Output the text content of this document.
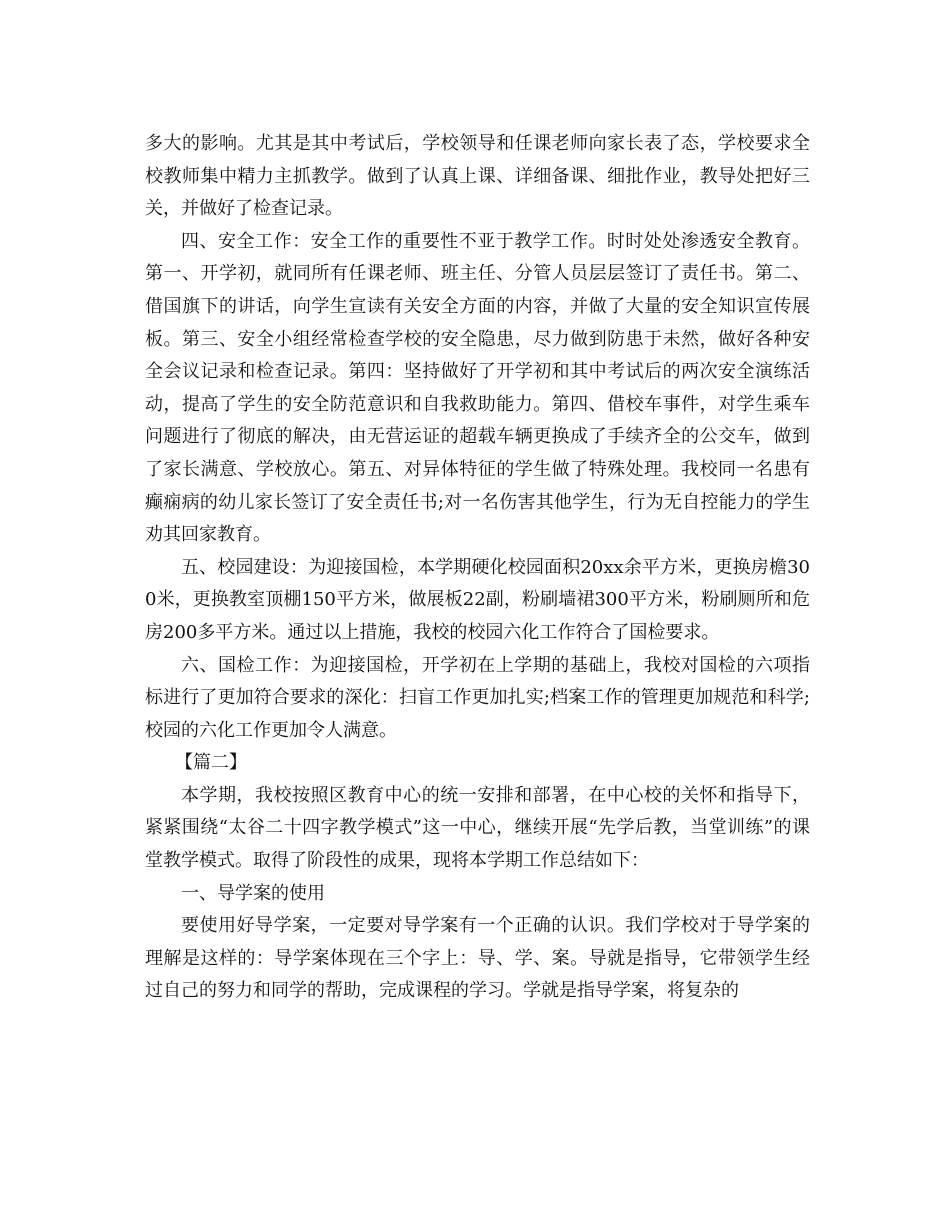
多大的影响。尤其是其中考试后，学校领导和任课老师向家长表了态，学校要求全校教师集中精力主抓教学。做到了认真上课、详细备课、细批作业，教导处把好三关，并做好了检查记录。

四、安全工作：安全工作的重要性不亚于教学工作。时时处处渗透安全教育。第一、开学初，就同所有任课老师、班主任、分管人员层层签订了责任书。第二、借国旗下的讲话，向学生宣读有关安全方面的内容，并做了大量的安全知识宣传展板。第三、安全小组经常检查学校的安全隐患，尽力做到防患于未然，做好各种安全会议记录和检查记录。第四：坚持做好了开学初和其中考试后的两次安全演练活动，提高了学生的安全防范意识和自我救助能力。第四、借校车事件，对学生乘车问题进行了彻底的解决，由无营运证的超载车辆更换成了手续齐全的公交车，做到了家长满意、学校放心。第五、对异体特征的学生做了特殊处理。我校同一名患有癫痫病的幼儿家长签订了安全责任书;对一名伤害其他学生，行为无自控能力的学生劝其回家教育。

五、校园建设：为迎接国检，本学期硬化校园面积20xx余平方米，更换房檐300米，更换教室顶棚150平方米，做展板22副，粉刷墙裙300平方米，粉刷厕所和危房200多平方米。通过以上措施，我校的校园六化工作符合了国检要求。

六、国检工作：为迎接国检，开学初在上学期的基础上，我校对国检的六项指标进行了更加符合要求的深化：扫盲工作更加扎实;档案工作的管理更加规范和科学;校园的六化工作更加令人满意。

【篇二】

本学期，我校按照区教育中心的统一安排和部署，在中心校的关怀和指导下，紧紧围绕“太谷二十四字教学模式”这一中心，继续开展“先学后教，当堂训练”的课堂教学模式。取得了阶段性的成果，现将本学期工作总结如下：

一、导学案的使用

要使用好导学案，一定要对导学案有一个正确的认识。我们学校对于导学案的理解是这样的：导学案体现在三个字上：导、学、案。导就是指导，它带领学生经过自己的努力和同学的帮助，完成课程的学习。学就是指导学案，将复杂的
